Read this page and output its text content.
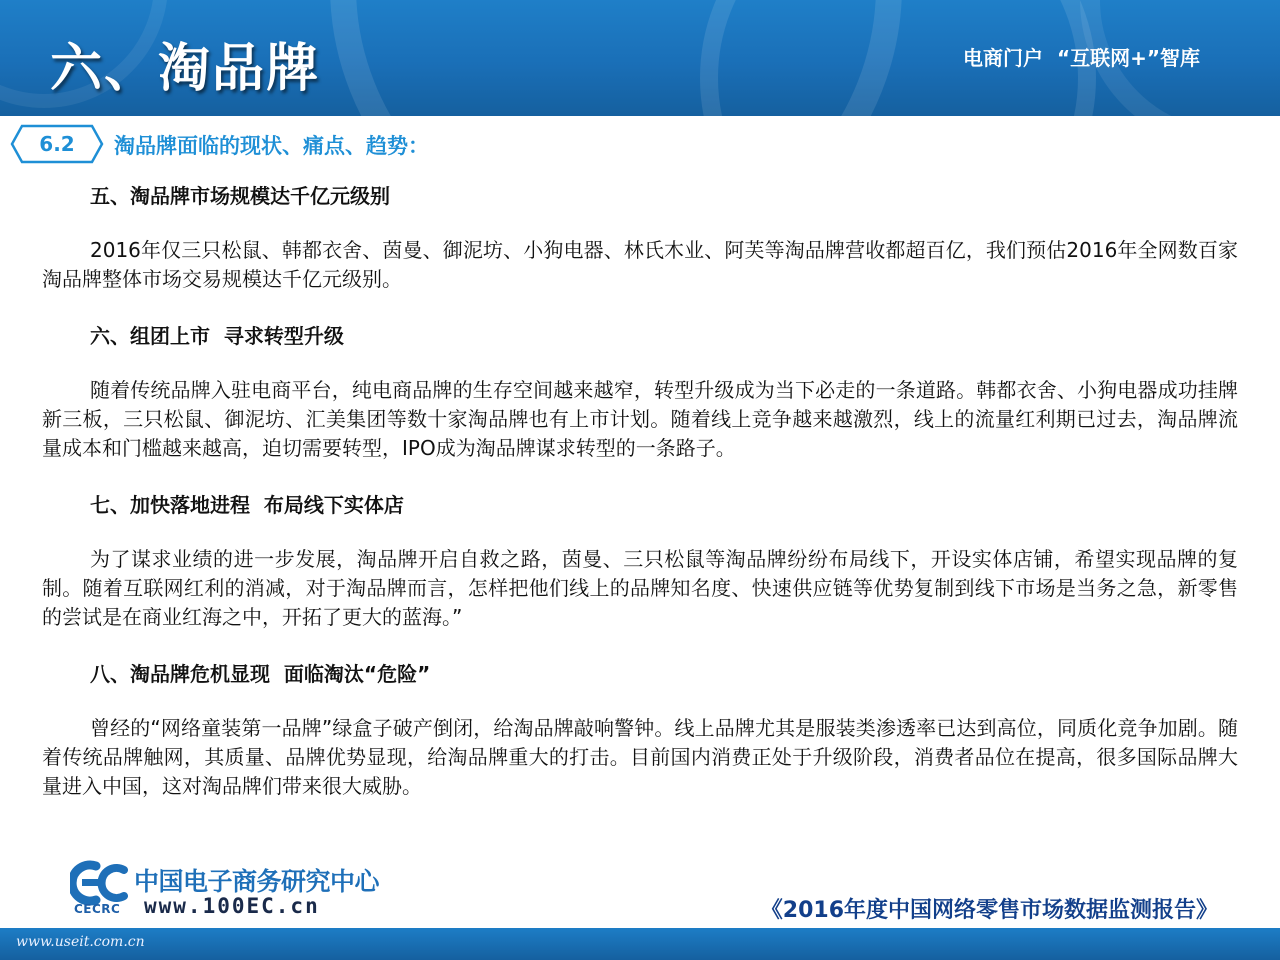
六、淘品牌	电商门户  “互联网+”智库
6.2	淘品牌面临的现状、痛点、趋势：
五、淘品牌市场规模达千亿元级别

2016年仅三只松鼠、韩都衣舍、茵曼、御泥坊、小狗电器、林氏木业、阿芙等淘品牌营收都超百亿，我们预估2016年全网数百家淘品牌整体市场交易规模达千亿元级别。

六、组团上市  寻求转型升级

随着传统品牌入驻电商平台，纯电商品牌的生存空间越来越窄，转型升级成为当下必走的一条道路。韩都衣舍、小狗电器成功挂牌新三板，三只松鼠、御泥坊、汇美集团等数十家淘品牌也有上市计划。随着线上竞争越来越激烈，线上的流量红利期已过去，淘品牌流量成本和门槛越来越高，迫切需要转型，IPO成为淘品牌谋求转型的一条路子。

七、加快落地进程  布局线下实体店

为了谋求业绩的进一步发展，淘品牌开启自救之路，茵曼、三只松鼠等淘品牌纷纷布局线下，开设实体店铺，希望实现品牌的复制。随着互联网红利的消减，对于淘品牌而言，怎样把他们线上的品牌知名度、快速供应链等优势复制到线下市场是当务之急，新零售的尝试是在商业红海之中，开拓了更大的蓝海。”

八、淘品牌危机显现  面临淘汰“危险”

曾经的“网络童装第一品牌”绿盒子破产倒闭，给淘品牌敲响警钟。线上品牌尤其是服装类渗透率已达到高位，同质化竞争加剧。随着传统品牌触网，其质量、品牌优势显现，给淘品牌重大的打击。目前国内消费正处于升级阶段，消费者品位在提高，很多国际品牌大量进入中国，这对淘品牌们带来很大威胁。

中国电子商务研究中心
CECRC www.100EC.cn	《2016年度中国网络零售市场数据监测报告》
www.useit.com.cn
